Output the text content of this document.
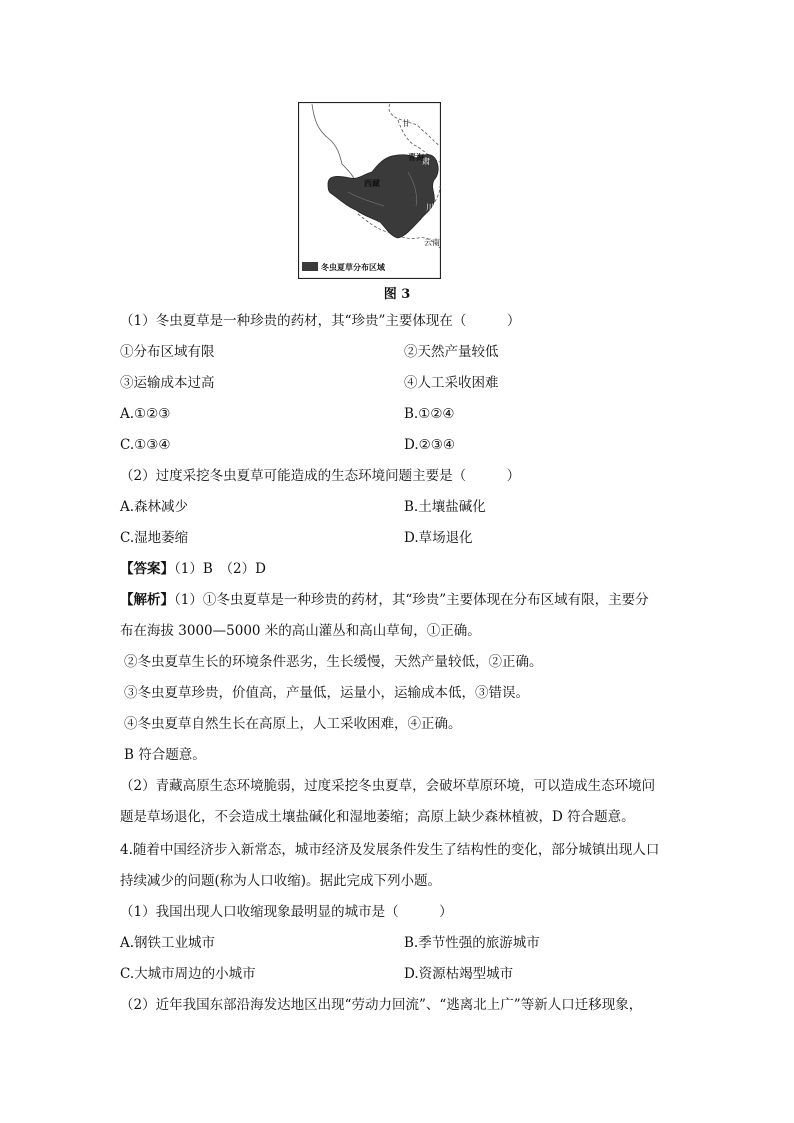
甘
青海
西藏
肃
川
云南
冬虫夏草分布区域
图 3
（1）冬虫夏草是一种珍贵的药材，其“珍贵”主要体现在（　　　）
①分布区域有限	②天然产量较低
③运输成本过高	④人工采收困难
A.①②③	B.①②④
C.①③④	D.②③④
（2）过度采挖冬虫夏草可能造成的生态环境问题主要是（　　　）
A.森林减少	B.土壤盐碱化
C.湿地萎缩	D.草场退化
【答案】（1）B　（2）D
【解析】（1）①冬虫夏草是一种珍贵的药材，其“珍贵”主要体现在分布区域有限，主要分
布在海拔 3000—5000 米的高山灌丛和高山草甸，①正确。
②冬虫夏草生长的环境条件恶劣，生长缓慢，天然产量较低，②正确。
③冬虫夏草珍贵，价值高，产量低，运量小，运输成本低，③错误。
④冬虫夏草自然生长在高原上，人工采收困难，④正确。
B 符合题意。
（2）青藏高原生态环境脆弱，过度采挖冬虫夏草，会破坏草原环境，可以造成生态环境问
题是草场退化，不会造成土壤盐碱化和湿地萎缩；高原上缺少森林植被，D 符合题意。
4.随着中国经济步入新常态，城市经济及发展条件发生了结构性的变化，部分城镇出现人口
持续减少的问题(称为人口收缩)。据此完成下列小题。
（1）我国出现人口收缩现象最明显的城市是（　　　）
A.钢铁工业城市	B.季节性强的旅游城市
C.大城市周边的小城市	D.资源枯竭型城市
（2）近年我国东部沿海发达地区出现“劳动力回流”、“逃离北上广”等新人口迁移现象，
